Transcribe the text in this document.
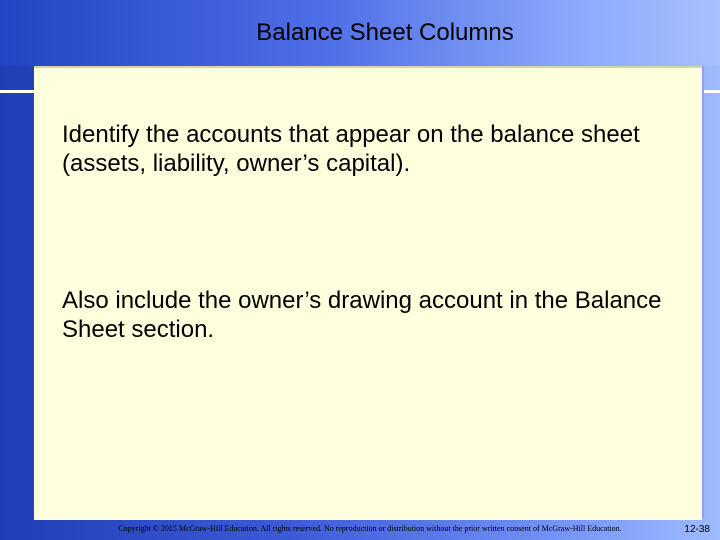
Balance Sheet Columns
Identify the accounts that appear on the balance sheet (assets, liability, owner’s capital).
Also include the owner’s drawing account in the Balance Sheet section.
Copyright © 2015 McGraw-Hill Education. All rights reserved. No reproduction or distribution without the prior written consent of McGraw-Hill Education.	12-38
